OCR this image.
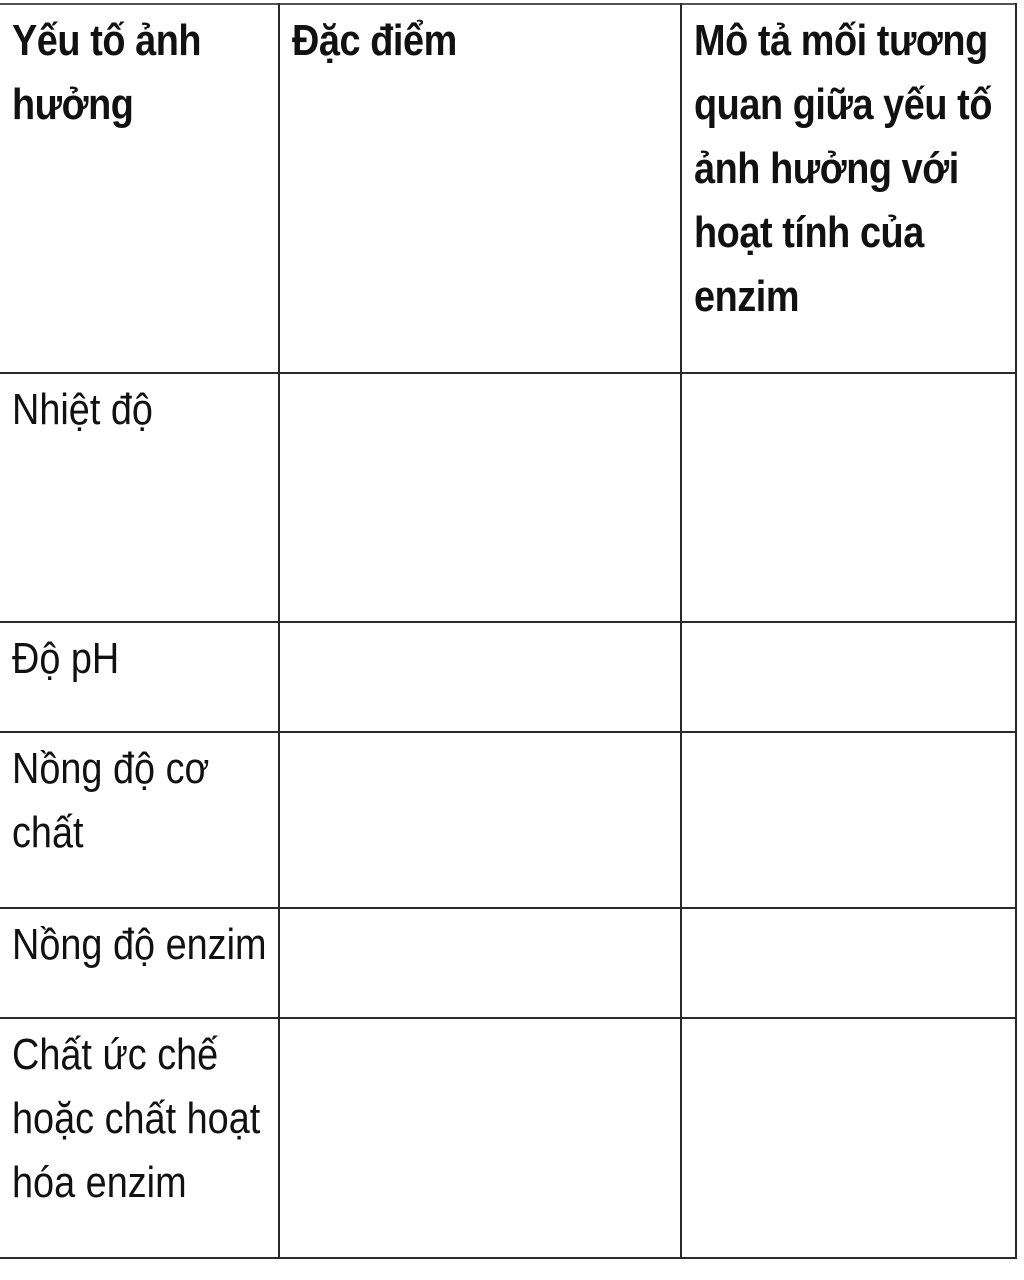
Yếu tố ảnh hưởng	Đặc điểm	Mô tả mối tương quan giữa yếu tố ảnh hưởng với hoạt tính của enzim
Nhiệt độ	

Độ pH	

Nồng độ cơ chất	

Nồng độ enzim	

Chất ức chế hoặc chất hoạt hóa enzim	
